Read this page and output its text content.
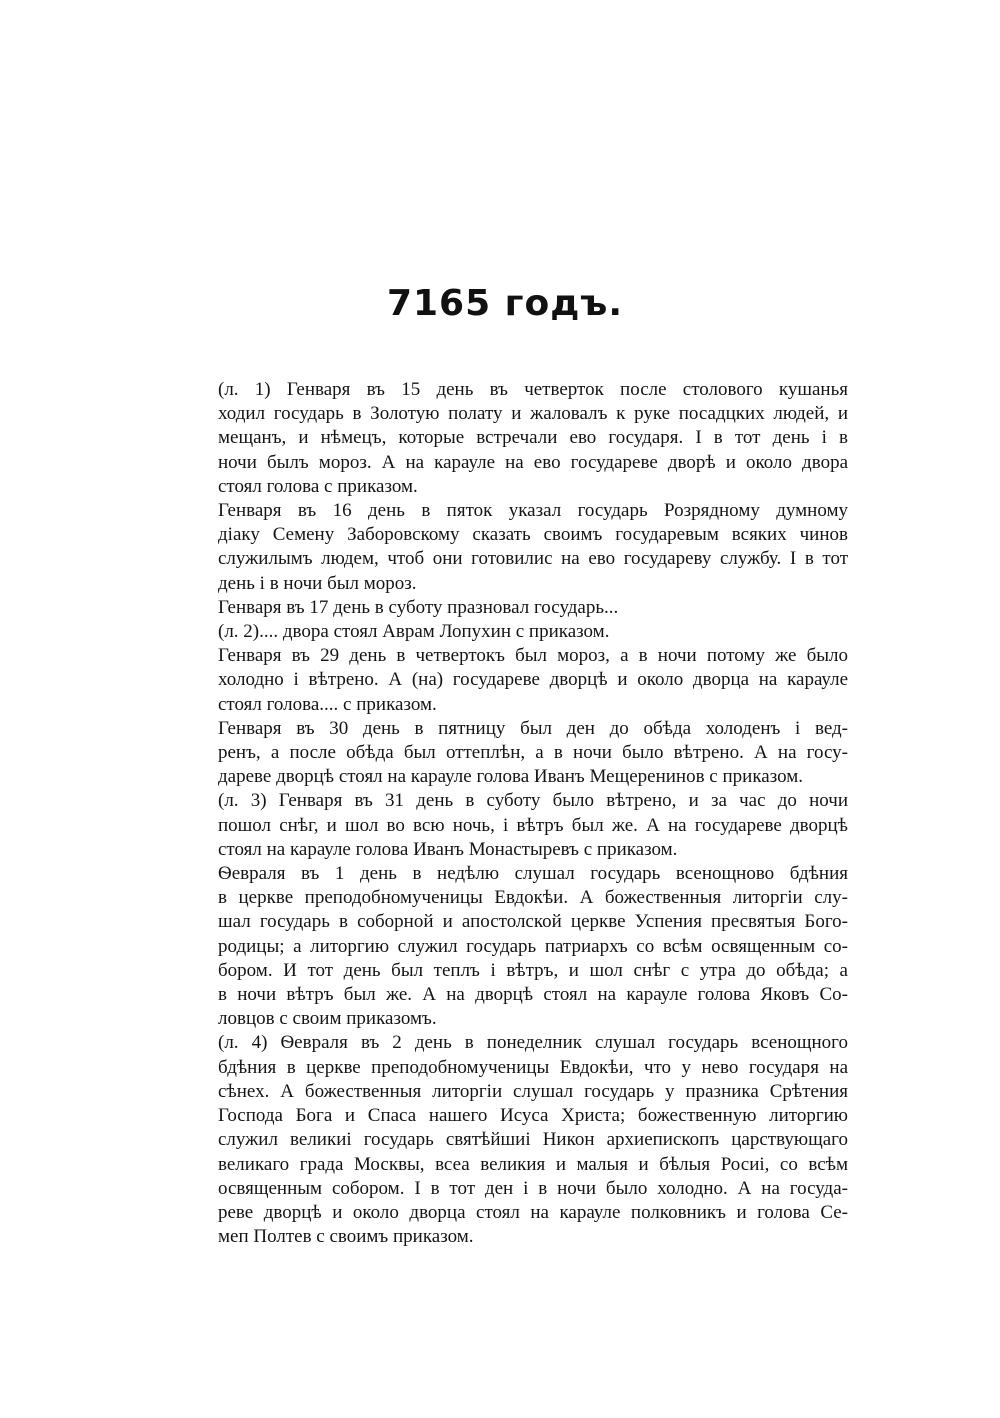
7165 годъ.

(л. 1) Генваря въ 15 день въ четверток после столового кушанья
ходил государь в Золотую полату и жаловалъ к руке посадцких людей, и
мещанъ, и нѣмецъ, которые встречали ево государя. I в тот день і в
ночи былъ мороз. А на карауле на ево государеве дворѣ и около двора
стоял голова с приказом.

Генваря въ 16 день в пяток указал государь Розрядному думному
діаку Семену Заборовскому сказать своимъ государевым всяких чинов
служилымъ людем, чтоб они готовилис на ево государеву службу. I в тот
день і в ночи был мороз.

Генваря въ 17 день в суботу празновал государь...

(л. 2).... двора стоял Аврам Лопухин с приказом.

Генваря въ 29 день в четвертокъ был мороз, а в ночи потому же было
холодно і вѣтрено. А (на) государеве дворцѣ и около дворца на карауле
стоял голова.... с приказом.

Генваря въ 30 день в пятницу был ден до обѣда холоденъ і вед-
ренъ, а после обѣда был оттеплѣн, а в ночи было вѣтрено. А на госу-
дареве дворцѣ стоял на карауле голова Иванъ Мещеренинов с приказом.

(л. 3) Генваря въ 31 день в суботу было вѣтрено, и за час до ночи
пошол снѣг, и шол во всю ночь, і вѣтръ был же. А на государеве дворцѣ
стоял на карауле голова Иванъ Монастыревъ с приказом.

Ѳевраля въ 1 день в недѣлю слушал государь всенощново бдѣния
в церкве преподобномученицы Евдокѣи. А божественныя литоргіи слу-
шал государь в соборной и апостолской церкве Успения пресвятыя Бого-
родицы; а литоргию служил государь патриархъ со всѣм освященным со-
бором. И тот день был теплъ і вѣтръ, и шол снѣг с утра до обѣда; а
в ночи вѣтръ был же. А на дворцѣ стоял на карауле голова Яковъ Со-
ловцов с своим приказомъ.

(л. 4) Ѳевраля въ 2 день в понеделник слушал государь всенощного
бдѣния в церкве преподобномученицы Евдокѣи, что у нево государя на
сѣнех. А божественныя литоргіи слушал государь у празника Срѣтения
Господа Бога и Спаса нашего Исуса Христа; божественную литоргию
служил великиі государь святѣйшиі Никон архиепископъ царствующаго
великаго града Москвы, всеа великия и малыя и бѣлыя Росиі, со всѣм
освященным собором. I в тот ден і в ночи было холодно. А на госуда-
реве дворцѣ и около дворца стоял на карауле полковникъ и голова Се-
меп Полтев с своимъ приказом.
